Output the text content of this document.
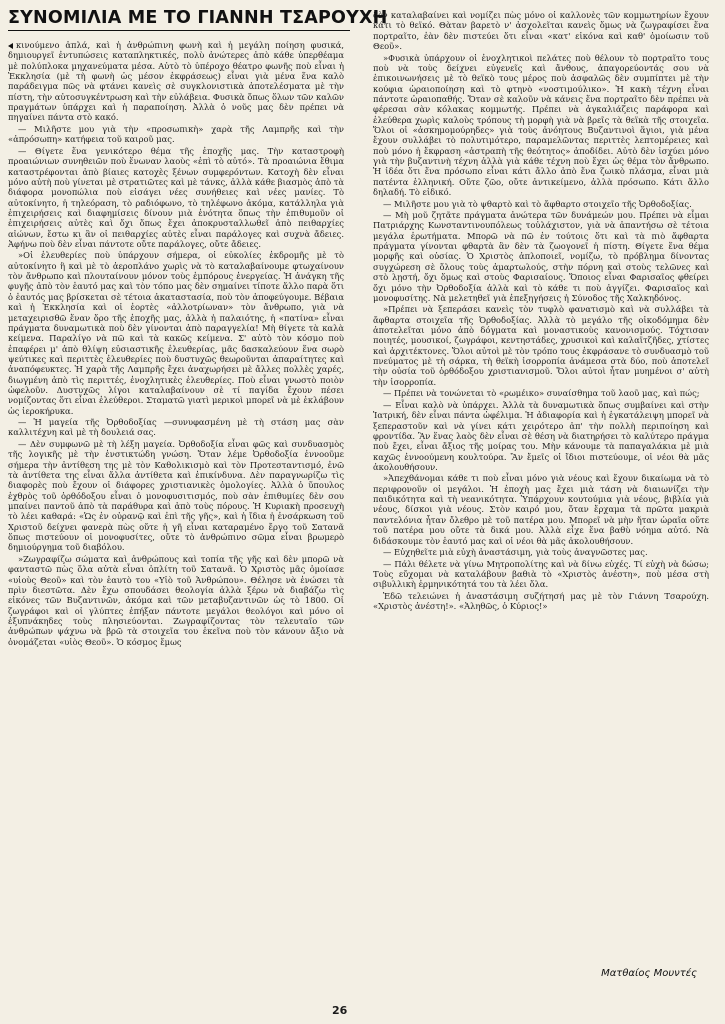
ΣΥΝΟΜΙΛΙΑ ΜΕ ΤΟ ΓΙΑΝΝΗ ΤΣΑΡΟΥΧΗ

κινούμενο ἁπλά, καὶ ἡ ἀνθρώπινη φωνὴ καὶ ἡ μεγάλη ποίηση φυσικά, δημιουργεῖ ἐντυπώσεις καταπληκτικές, πολὺ ἀνώτερες ἀπὸ κάθε ὑπερθέαμα μὲ πολύπλοκα μηχανεύματα μέσα. Αὐτὸ τὸ ὑπέροχο θέατρο φωνῆς ποὺ εἶναι ἡ Ἐκκλησία (μὲ τὴ φωνὴ ὡς μέσον ἐκφράσεως) εἶναι γιὰ μένα ἕνα καλὸ παράδειγμα πῶς νὰ φτάνει κανεὶς σὲ συγκλονιστικὰ ἀποτελέσματα μὲ τὴν πίστη, τὴν αὐτοσυγκέντρωση καὶ τὴν εὐλάβεια. Φυσικὰ ὅπως ὅλων τῶν καλῶν πραγμάτων ὑπάρχει καὶ ἡ παραποίηση. Ἀλλὰ ὁ νοῦς μας δὲν πρέπει νὰ πηγαίνει πάντα στὸ κακό.

— Μιλῆστε μου γιὰ τὴν «προσωπικὴ» χαρὰ τῆς Λαμπρῆς καὶ τὴν «ἀπρόσωπη» κατήφεια τοῦ καιροῦ μας.

— Θίγετε ἕνα γενικότερο θέμα τῆς ἐποχῆς μας. Τὴν καταστροφὴ προαιώνιων συνηθειῶν ποὺ ἕνωναν λαοὺς «ἐπὶ τὸ αὐτό». Τὰ προαιώνια ἔθιμα καταστρέφονται ἀπὸ βίαιες κατοχὲς ξένων συμφερόντων. Κατοχὴ δὲν εἶναι μόνο αὐτὴ ποὺ γίνεται μὲ στρατιῶτες καὶ μὲ τάνκς, ἀλλὰ κάθε βιασμὸς ἀπὸ τὰ διάφορα μονοπώλια ποὺ εἰσάγει νέες συνήθειες καὶ νέες μανίες. Τὸ αὐτοκίνητο, ἡ τηλεόραση, τὸ ραδιόφωνο, τὸ τηλέφωνο ἀκόμα, κατάλληλα γιὰ ἐπιχειρήσεις καὶ διαφημίσεις δίνουν μιὰ ἑνότητα ὅπως τὴν ἐπιθυμοῦν οἱ ἐπιχειρήσεις αὐτὲς καὶ ὄχι ὅπως ἔχει ἀποκρυσταλλωθεῖ ἀπὸ πειθαρχίες αἰώνων, ἔστω κι ἂν οἱ πειθαρχίες αὐτὲς εἶναι παράλογες καὶ συχνὰ ἄδειες. Ἀφήνω ποὺ δὲν εἶναι πάντοτε οὔτε παράλογες, οὔτε ἄδειες.

»Οἱ ἐλευθερίες ποὺ ὑπάρχουν σήμερα, οἱ εὐκολίες ἐκδρομῆς μὲ τὸ αὐτοκίνητο ἢ καὶ μὲ τὸ ἀεροπλάνο χωρὶς νὰ τὸ καταλαβαίνουμε φτωχαίνουν τὸν ἄνθρωπο καὶ πλουταίνουν μόνον τοὺς ἐμπόρους ἐνεργείας. Ἡ ἀνάγκη τῆς φυγῆς ἀπὸ τὸν ἑαυτό μας καὶ τὸν τόπο μας δὲν σημαίνει τίποτε ἄλλο παρὰ ὅτι ὁ ἑαυτός μας βρίσκεται σὲ τέτοια ἀκαταστασία, ποὺ τὸν ἀποφεύγουμε. Βέβαια καὶ ἡ Ἐκκλησία καὶ οἱ ἑορτὲς «ἀλλοτρίωναν» τὸν ἄνθρωπο, γιὰ νὰ μεταχειρισθῶ ἕναν ὅρο τῆς ἐποχῆς μας, ἀλλὰ ἡ παλαιότης, ἡ «πατίνα» εἶναι πράγματα δυναμωτικὰ ποὺ δὲν γίνονται ἀπὸ παραγγελία! Μὴ θίγετε τὰ καλὰ κείμενα. Παραλίγο νὰ πῶ καὶ τὰ κακῶς κείμενα. Σ' αὐτὸ τὸν κόσμο ποὺ ἐπαφέρει μ' ἀπὸ θλίψη εὐσιαστικῆς ἐλευθερίας, μᾶς δασκαλεύουν ἕνα σωρὸ ψεύτικες καὶ περιττὲς ἐλευθερίες ποὺ δυστυχῶς θεωροῦνται ἀπαραίτητες καὶ ἀναπόφευκτες. Ἡ χαρὰ τῆς Λαμπρῆς ἔχει ἀναχωρήσει μὲ ἄλλες πολλὲς χαρές, διωγμένη ἀπὸ τὶς περιττές, ἐνοχλητικὲς ἐλευθερίες. Ποὺ εἶναι γνωστὸ ποιὸν ὠφελοῦν. Δυστυχῶς λίγοι καταλαβαίνουν σὲ τί παγίδα ἔχουν πέσει νομίζοντας ὅτι εἶναι ἐλεύθεροι. Σταματῶ γιατὶ μερικοὶ μπορεῖ νὰ μὲ ἐκλάβουν ὡς ἱεροκήρυκα.

— Ἡ μαγεία τῆς Ὀρθοδοξίας —συνυφασμένη μὲ τὴ στάση μας σὰν καλλιτέχνη καὶ μὲ τὴ δουλειά σας.

— Δὲν συμφωνῶ μὲ τὴ λέξη μαγεία. Ὀρθοδοξία εἶναι φῶς καὶ συνδυασμὸς τῆς λογικῆς μὲ τὴν ἐνστικτώδη γνώση. Ὅταν λέμε Ὀρθοδοξία ἐννοοῦμε σήμερα τὴν ἀντίθεση της μὲ τὸν Καθολικισμὸ καὶ τὸν Προτεσταντισμό, ἐνῶ τὰ ἀντίθετα της εἶναι ἄλλα ἀντίθετα καὶ ἐπικίνδυνα. Δὲν παραγνωρίζω τὶς διαφορὲς ποὺ ἔχουν οἱ διάφορες χριστιανικὲς ὁμολογίες. Ἀλλὰ ὁ ὕπουλος ἐχθρὸς τοῦ ὀρθόδοξου εἶναι ὁ μονοφυσιτισμός, ποὺ σὰν ἐπιθυμίες δὲν σου μπαίνει παντοῦ ἀπὸ τὰ παράθυρα καὶ ἀπὸ τοὺς πόρους. Ἡ Κυριακὴ προσευχὴ τὸ λέει καθαρά: «Ὡς ἐν οὐρανῷ καὶ ἐπὶ τῆς γῆς», καὶ ἡ ἴδια ἡ ἐνσάρκωση τοῦ Χριστοῦ δείχνει φανερὰ πὼς οὔτε ἡ γῆ εἶναι καταραμένο ἔργο τοῦ Σατανᾶ ὅπως πιστεύουν οἱ μονοφυσίτες, οὔτε τὸ ἀνθρώπινο σῶμα εἶναι βρωμερὸ δημιούργημα τοῦ διαβόλου.

»Ζωγραφίζω σώματα καὶ ἀνθρώπους καὶ τοπία τῆς γῆς καὶ δὲν μπορῶ νὰ φανταστῶ πὼς ὅλα αὐτὰ εἶναι ὁπλίτη τοῦ Σατανᾶ. Ὁ Χριστὸς μᾶς ὁμοίασε «υἱοὺς Θεοῦ» καὶ τὸν ἑαυτὸ του «Υἱὸ τοῦ Ἀνθρώπου». Θέλησε νὰ ἐνώσει τὰ πρὶν διεστῶτα. Δὲν ἔχω σπουδάσει θεολογία ἀλλὰ ξέρω νὰ διαβάζω τὶς εἰκόνες τῶν Βυζαντινῶν, ἀκόμα καὶ τῶν μεταβυζαντινῶν ὡς τὸ 1800. Οἱ ζωγράφοι καὶ οἱ γλύπτες ἐπήξαν πάντοτε μεγάλοι θεολόγοι καὶ μόνο οἱ ἐξυπνάκηδες τοὺς πλησιεύονται. Ζωγραφίζοντας τὸν τελευταῖο τῶν ἀνθρώπων ψάχνω νὰ βρῶ τὰ στοιχεῖα του ἐκεῖνα ποὺ τὸν κάνουν ἄξιο νὰ ὀνομάζεται «υἱὸς Θεοῦ». Ὁ κόσμος ἔμως

δὲν καταλαβαίνει καὶ νομίζει πὼς μόνο οἱ καλλονὲς τῶν κομμωτηρίων ἔχουν κάτι τὸ θεϊκό. Θὰταν βαρετὸ ν' ἀσχολεῖται κανεὶς ὅμως νὰ ζωγραφίσει ἕνα πορτραῖτο, ἐὰν δὲν πιστεύει ὅτι εἶναι «κατ' εἰκόνα καὶ καθ' ὁμοίωσιν τοῦ Θεοῦ».

»Φυσικὰ ὑπάρχουν οἱ ἐνοχλητικοὶ πελάτες ποὺ θέλουν τὸ πορτραῖτο τους ποὺ νὰ τοὺς δείχνει εὐγενεῖς καὶ ἄνθους, ἀπαγορεύοντάς σου νὰ ἐπικοινωνήσεις μὲ τὸ θεϊκὸ τους μέρος ποὺ ἀσφαλῶς δὲν συμπίπτει μὲ τὴν κούφια ὡραιοποίηση καὶ τὸ φτηνὸ «νοστιμούλικο». Ἡ κακὴ τέχνη εἶναι πάντοτε ὡραιοπαθής. Ὅταν σὲ καλοῦν νὰ κάνεις ἕνα πορτραῖτο δὲν πρέπει νὰ φέρεσαι σὰν κόλακας κομμωτής. Πρέπει νὰ ἀγκαλιάζεις παράφορα καὶ ἐλεύθερα χωρὶς καλοὺς τρόπους τὴ μορφὴ γιὰ νὰ βρεῖς τὰ θεϊκὰ τῆς στοιχεῖα. Ὅλοι οἱ «ἀσκημομούρηδες» γιὰ τοὺς ἀνόητους Βυζαντινοὶ ἅγιοι, γιὰ μένα ἔχουν συλλάβει τὸ πολυτιμότερο, παραμελῶντας περιττὲς λεπτομέρειες καὶ ποὺ μόνο ἡ ἔκφραση «ἀστραπὴ τῆς θεότητος» ἀποδίδει. Αὐτὸ δὲν ἰσχύει μόνο γιὰ τὴν βυζαντινὴ τέχνη ἀλλὰ γιὰ κάθε τέχνη ποὺ ἔχει ὡς θέμα τὸν ἄνθρωπο. Ἡ ἰδέα ὅτι ἕνα πρόσωπο εἶναι κάτι ἄλλο ἀπὸ ἕνα ζωικὸ πλάσμα, εἶναι μιὰ πατέντα ἑλληνική. Οὔτε ζῶο, οὔτε ἀντικείμενο, ἀλλὰ πρόσωπο. Κάτι ἄλλο δηλαδή. Τὸ εἰδικό.

— Μιλῆστε μου γιὰ τὸ ψθαρτὸ καὶ τὸ ἄφθαρτο στοιχεῖο τῆς Ὀρθοδοξίας.

— Μὴ μοῦ ζητᾶτε πράγματα ἀνώτερα τῶν δυνάμεών μου. Πρέπει νὰ εἶμαι Πατριάρχης Κωνσταντινουπόλεως τοὐλάχιστον, γιὰ νὰ ἀπαντήσω σὲ τέτοια μεγάλα ἐρωτήματα. Μπορῶ νὰ πῶ ἐν τούτοις ὅτι καὶ τὰ πιὸ ἄφθαρτα πράγματα γίνονται φθαρτὰ ἂν δὲν τὰ ζωογονεῖ ἡ πίστη. Θίγετε ἕνα θέμα μορφῆς καὶ οὐσίας. Ὁ Χριστὸς ἀπλοποιεῖ, νομίζω, τὸ πρόβλημα δίνοντας συγχώρεση σὲ ὅλους τοὺς ἁμαρτωλούς, στὴν πόρνη καὶ στοὺς τελῶνες καὶ στὸ λῃστή, ὄχι ὅμως καὶ στοὺς Φαρισαίους. Ὅποιος εἶναι Φαρισαῖος φθείρει ὄχι μόνο τὴν Ὀρθοδοξία ἀλλὰ καὶ τὸ κάθε τι ποὺ ἀγγίζει. Φαρισαῖος καὶ μονοφυσίτης. Νὰ μελετηθεῖ γιὰ ἐπεξηγήσεις ἡ Σύνοδος τῆς Χαλκηδόνος.

»Πρέπει νὰ ξεπεράσει κανεὶς τὸν τυφλὸ φανατισμὸ καὶ νὰ συλλάβει τὰ ἄφθαρτα στοιχεῖα τῆς Ὀρθοδοξίας. Ἀλλὰ τὸ μεγάλο τῆς οἰκοδόμημα δὲν ἀποτελεῖται μόνο ἀπὸ δόγματα καὶ μοναστικοὺς κανονισμούς. Τόχτισαν ποιητές, μουσικοί, ζωγράφοι, κεντηστάδες, χρυσικοὶ καὶ καλαϊτζῆδες, χτίστες καὶ ἀρχιτέκτονες. Ὅλοι αὐτοὶ μὲ τὸν τρόπο τους ἐκφράσανε τὸ συνδυασμὸ τοῦ πνεύματος μὲ τὴ σάρκα, τὴ θεϊκὴ ἰσορροπία ἀνάμεσα στὰ δύο, ποὺ ἀποτελεῖ τὴν οὐσία τοῦ ὀρθόδοξου χριστιανισμοῦ. Ὅλοι αὐτοὶ ἦταν μυημένοι σ' αὐτὴ τὴν ἰσορροπία.

— Πρέπει νὰ τονώνεται τὸ «ρωμέικο» συναίσθημα τοῦ λαοῦ μας, καὶ πώς;

— Εἶναι καλὸ νὰ ὑπάρχει. Ἀλλὰ τὰ δυναμωτικὰ ὅπως συμβαίνει καὶ στὴν Ἰατρική, δὲν εἶναι πάντα ὠφέλιμα. Ἡ ἀδιαφορία καὶ ἡ ἐγκατάλειψη μπορεῖ νὰ ξεπεραστοῦν καὶ νὰ γίνει κάτι χειρότερο ἀπ' τὴν πολλὴ περιποίηση καὶ φροντίδα. Ἂν ἕνας λαὸς δὲν εἶναι σὲ θέση νὰ διατηρήσει τὸ καλύτερο πράγμα ποὺ ἔχει, εἶναι ἄξιος τῆς μοίρας του. Μὴν κάνουμε τὰ παπαγαλάκια μὲ μιὰ καχῶς ἐννοούμενη κουλτούρα. Ἂν ἔμεῖς οἱ ἴδιοι πιστεύουμε, οἱ νέοι θὰ μᾶς ἀκολουθήσουν.

»Ἀπεχθάνομαι κάθε τι ποὺ εἶναι μόνο γιὰ νέους καὶ ἔχουν δικαίωμα νὰ τὸ περιφρονοῦν οἱ μεγάλοι. Ἡ ἐποχὴ μας ἔχει μιὰ τάση νὰ διαιωνίζει τὴν παιδικότητα καὶ τὴ νεανικότητα. Ὑπάρχουν κουτούμια γιὰ νέους, βιβλία γιὰ νέους, δίσκοι γιὰ νέους. Στὸν καιρό μου, ὅταν ἔρχαμα τὰ πρῶτα μακριὰ παντελόνια ἦταν ὄλεθρο μὲ τοῦ πατέρα μου. Μπορεῖ νὰ μὴν ἤταν ὡραῖα οὔτε τοῦ πατέρα μου οὔτε τὰ δικά μου. Ἀλλὰ εἶχε ἕνα βαθὺ νόημα αὐτό. Νὰ διδάσκουμε τὸν ἑαυτό μας καὶ οἱ νέοι θὰ μᾶς ἀκολουθήσουν.

— Εὐχηθεῖτε μιὰ εὐχὴ ἀναστάσιμη, γιὰ τοὺς ἀναγνῶστες μας.

— Πάλι θέλετε νὰ γίνω Μητροπολίτης καὶ νὰ δίνω εὐχές. Τί εὐχὴ νὰ δώσω; Τοὺς εὔχομαι νὰ καταλάβουν βαθιὰ τὸ «Χριστὸς ἀνέστη», ποὺ μέσα στὴ σιβυλλικὴ ἐρμηνικότητά του τὰ λέει ὅλα.

Ἐδῶ τελειώνει ἡ ἀναστάσιμη συζήτησή μας μὲ τὸν Γιάννη Τσαρούχη. «Χριστὸς ἀνέστη!». «Ἀληθῶς, ὁ Κύριος!»

Ματθαίος Μουντές
26
